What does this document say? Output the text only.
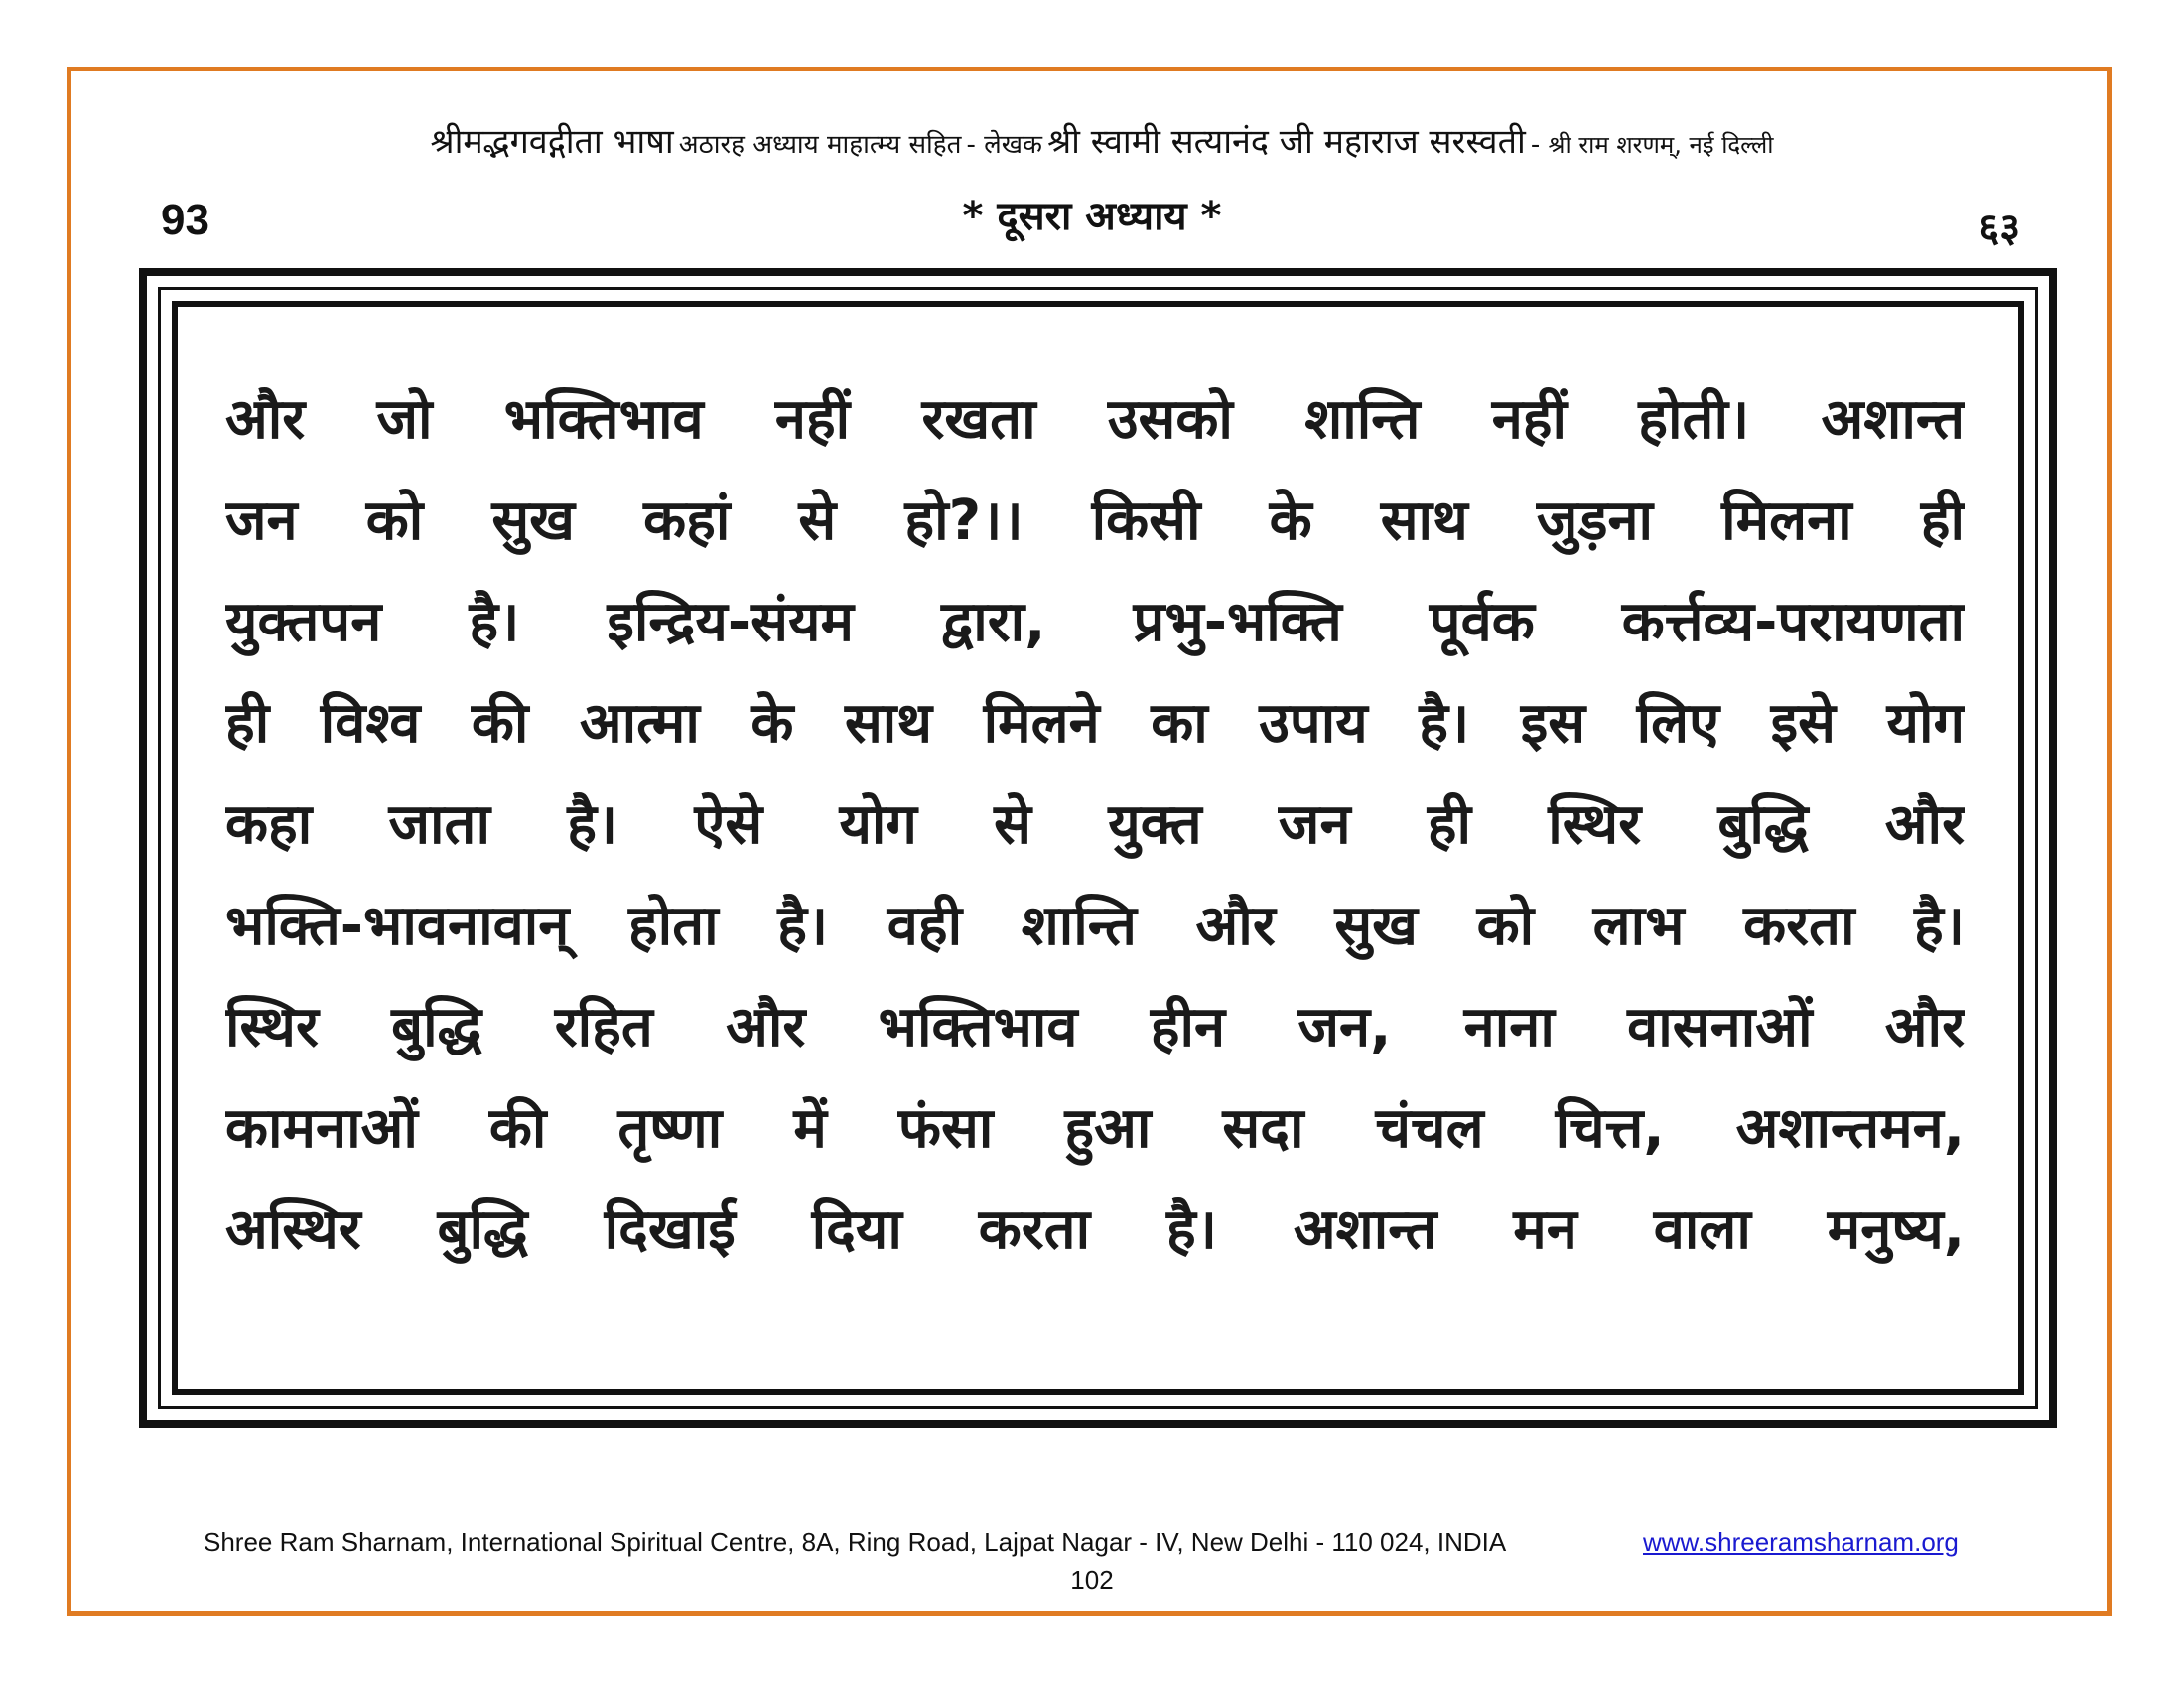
श्रीमद्भगवद्गीता भाषा अठारह अध्याय माहात्म्य सहित - लेखक श्री स्वामी सत्यानंद जी महाराज सरस्वती - श्री राम शरणम्, नई दिल्ली
93	* दूसरा अध्याय *	६३
और जो भक्तिभाव नहीं रखता उसको शान्ति नहीं होती। अशान्त
जन को सुख कहां से हो?।। किसी के साथ जुड़ना मिलना ही
युक्तपन है। इन्द्रिय-संयम द्वारा, प्रभु-भक्ति पूर्वक कर्त्तव्य-परायणता
ही विश्व की आत्मा के साथ मिलने का उपाय है। इस लिए इसे योग
कहा जाता है। ऐसे योग से युक्त जन ही स्थिर बुद्धि और
भक्ति-भावनावान् होता है। वही शान्ति और सुख को लाभ करता है।
स्थिर बुद्धि रहित और भक्तिभाव हीन जन, नाना वासनाओं और
कामनाओं की तृष्णा में फंसा हुआ सदा चंचल चित्त, अशान्तमन,
अस्थिर बुद्धि दिखाई दिया करता है। अशान्त मन वाला मनुष्य,
Shree Ram Sharnam, International Spiritual Centre, 8A, Ring Road, Lajpat Nagar - IV, New Delhi - 110 024, INDIA	www.shreeramsharnam.org
102
